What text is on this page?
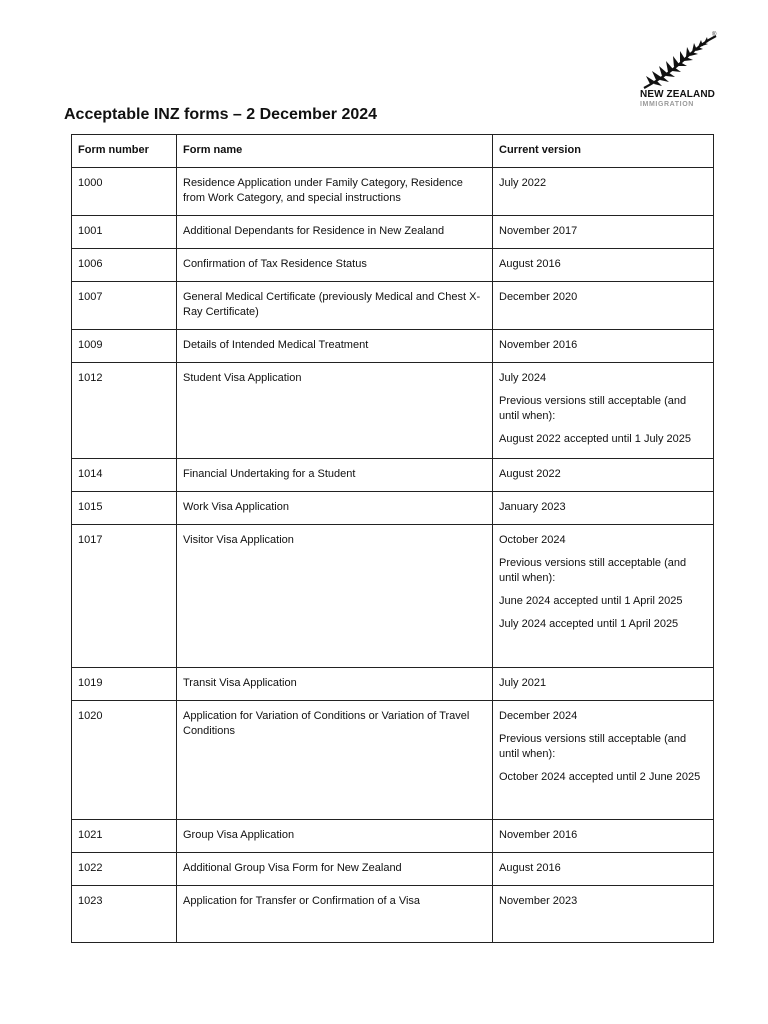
®
NEW ZEALAND
IMMIGRATION
Acceptable INZ forms – 2 December 2024
Form number	Form name	Current version
1000	Residence Application under Family Category, Residence from Work Category, and special instructions	July 2022

1001	Additional Dependants for Residence in New Zealand	November 2017

1006	Confirmation of Tax Residence Status	August 2016

1007	General Medical Certificate (previously Medical and Chest X-Ray Certificate)	December 2020

1009	Details of Intended Medical Treatment	November 2016

1012	Student Visa Application	July 2024
Previous versions still acceptable (and until when):
August 2022 accepted until 1 July 2025

1014	Financial Undertaking for a Student	August 2022

1015	Work Visa Application	January 2023

1017	Visitor Visa Application	October 2024
Previous versions still acceptable (and until when):
June 2024 accepted until 1 April 2025
July 2024 accepted until 1 April 2025

1019	Transit Visa Application	July 2021

1020	Application for Variation of Conditions or Variation of Travel Conditions	December 2024
Previous versions still acceptable (and until when):
October 2024 accepted until 2 June 2025

1021	Group Visa Application	November 2016

1022	Additional Group Visa Form for New Zealand	August 2016

1023	Application for Transfer or Confirmation of a Visa	November 2023
